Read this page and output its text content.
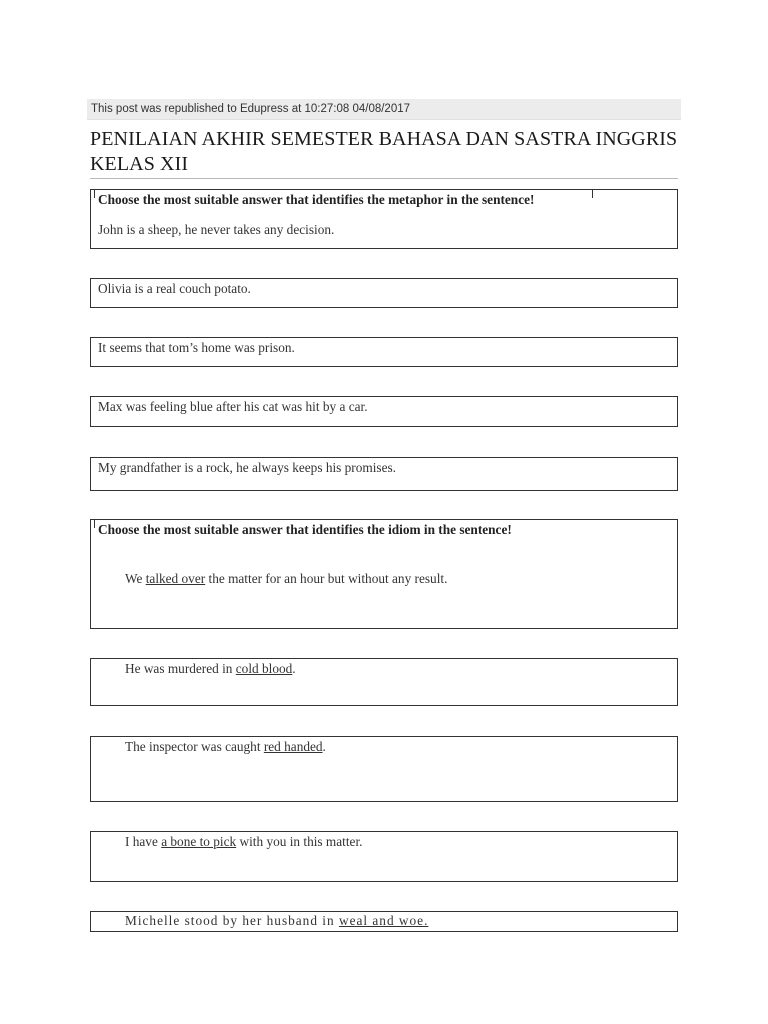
This post was republished to Edupress at 10:27:08 04/08/2017
PENILAIAN AKHIR SEMESTER BAHASA DAN SASTRA INGGRIS KELAS XII
Choose the most suitable answer that identifies the metaphor in the sentence!
John is a sheep, he never takes any decision.
Olivia is a real couch potato.
It seems that tom’s home was prison.
Max was feeling blue after his cat was hit by a car.
My grandfather is a rock, he always keeps his promises.
Choose the most suitable answer that identifies the idiom in the sentence!
We talked over the matter for an hour but without any result.
He was murdered in cold blood.
The inspector was caught red handed.
I have a bone to pick with you in this matter.
Michelle stood by her husband in weal and woe.
